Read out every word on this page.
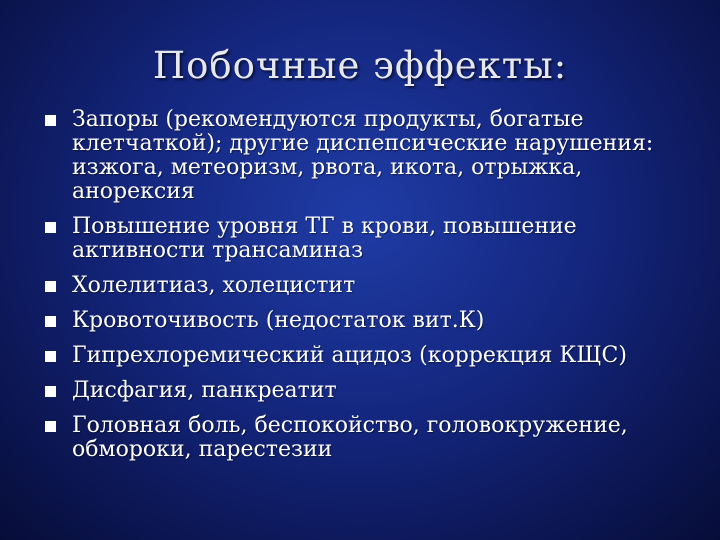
Побочные эффекты:
Запоры (рекомендуются продукты, богатые клетчаткой); другие диспепсические нарушения: изжога, метеоризм, рвота, икота, отрыжка, анорексия
Повышение уровня ТГ в крови, повышение активности трансаминаз
Холелитиаз, холецистит
Кровоточивость (недостаток вит.К)
Гипрехлоремический ацидоз (коррекция КЩС)
Дисфагия, панкреатит
Головная боль, беспокойство, головокружение, обмороки, парестезии
